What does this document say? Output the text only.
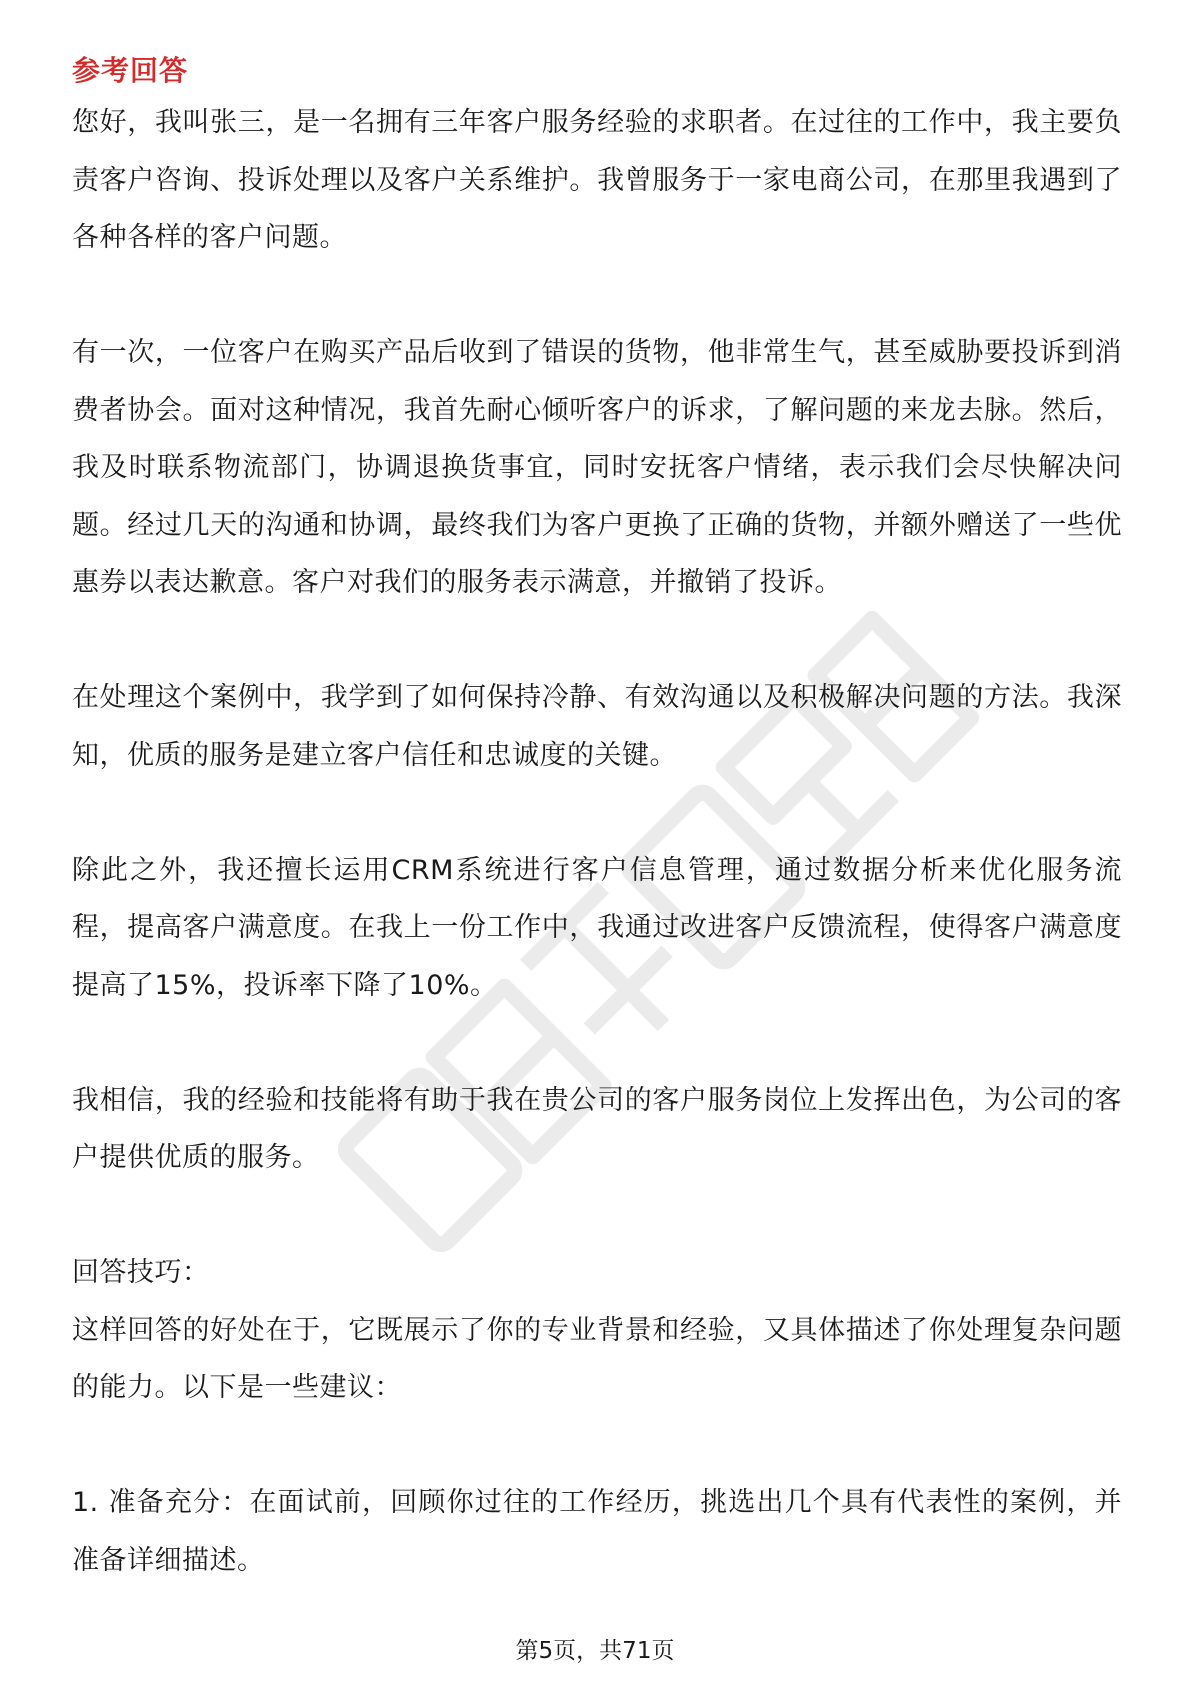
参考回答

您好，我叫张三，是一名拥有三年客户服务经验的求职者。在过往的工作中，我主要负责客户咨询、投诉处理以及客户关系维护。我曾服务于一家电商公司，在那里我遇到了各种各样的客户问题。

有一次，一位客户在购买产品后收到了错误的货物，他非常生气，甚至威胁要投诉到消费者协会。面对这种情况，我首先耐心倾听客户的诉求，了解问题的来龙去脉。然后，我及时联系物流部门，协调退换货事宜，同时安抚客户情绪，表示我们会尽快解决问题。经过几天的沟通和协调，最终我们为客户更换了正确的货物，并额外赠送了一些优惠券以表达歉意。客户对我们的服务表示满意，并撤销了投诉。

在处理这个案例中，我学到了如何保持冷静、有效沟通以及积极解决问题的方法。我深知，优质的服务是建立客户信任和忠诚度的关键。

除此之外，我还擅长运用CRM系统进行客户信息管理，通过数据分析来优化服务流程，提高客户满意度。在我上一份工作中，我通过改进客户反馈流程，使得客户满意度提高了15%，投诉率下降了10%。

我相信，我的经验和技能将有助于我在贵公司的客户服务岗位上发挥出色，为公司的客户提供优质的服务。

回答技巧：

这样回答的好处在于，它既展示了你的专业背景和经验，又具体描述了你处理复杂问题的能力。以下是一些建议：

1. 准备充分：在面试前，回顾你过往的工作经历，挑选出几个具有代表性的案例，并准备详细描述。

第5页，共71页
